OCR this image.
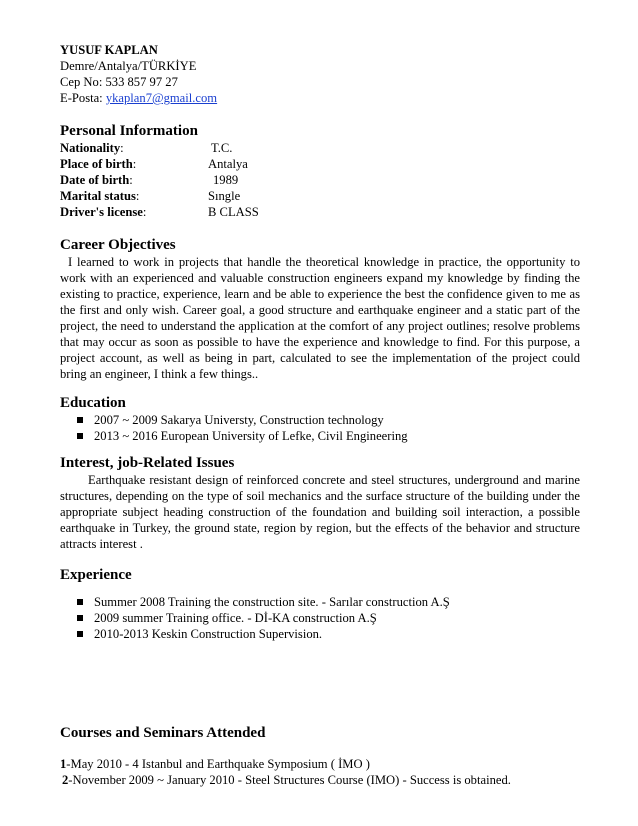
YUSUF KAPLAN
Demre/Antalya/TÜRKİYE
Cep No: 533 857 97 27
E-Posta: ykaplan7@gmail.com
Personal Information
Nationality:	T.C.
Place of birth:	Antalya
Date of birth:	1989
Marital status:	Sıngle
Driver's license:	B CLASS
Career Objectives

I learned to work in projects that handle the theoretical knowledge in practice, the opportunity to work with an experienced and valuable construction engineers expand my knowledge by finding the existing to practice, experience, learn and be able to experience the best the confidence given to me as the first and only wish. Career goal, a good structure and earthquake engineer and a static part of the project, the need to understand the application at the comfort of any project outlines; resolve problems that may occur as soon as possible to have the experience and knowledge to find. For this purpose, a project account, as well as being in part, calculated to see the implementation of the project could bring an engineer, I think a few things..

Education
2007 ~ 2009 Sakarya Universty, Construction technology
2013 ~ 2016 European University of Lefke, Civil Engineering
Interest, job-Related Issues

Earthquake resistant design of reinforced concrete and steel structures, underground and marine structures, depending on the type of soil mechanics and the surface structure of the building under the appropriate subject heading construction of the foundation and building soil interaction, a possible earthquake in Turkey, the ground state, region by region, but the effects of the behavior and structure attracts interest .

Experience
Summer 2008 Training the construction site. - Sarılar construction A.Ş
2009 summer Training office. - Dİ-KA construction A.Ş
2010-2013 Keskin Construction Supervision.
Courses and Seminars Attended
1-May 2010 - 4 Istanbul and Earthquake Symposium ( İMO )
2-November 2009 ~ January 2010 - Steel Structures Course (IMO) - Success is obtained.
